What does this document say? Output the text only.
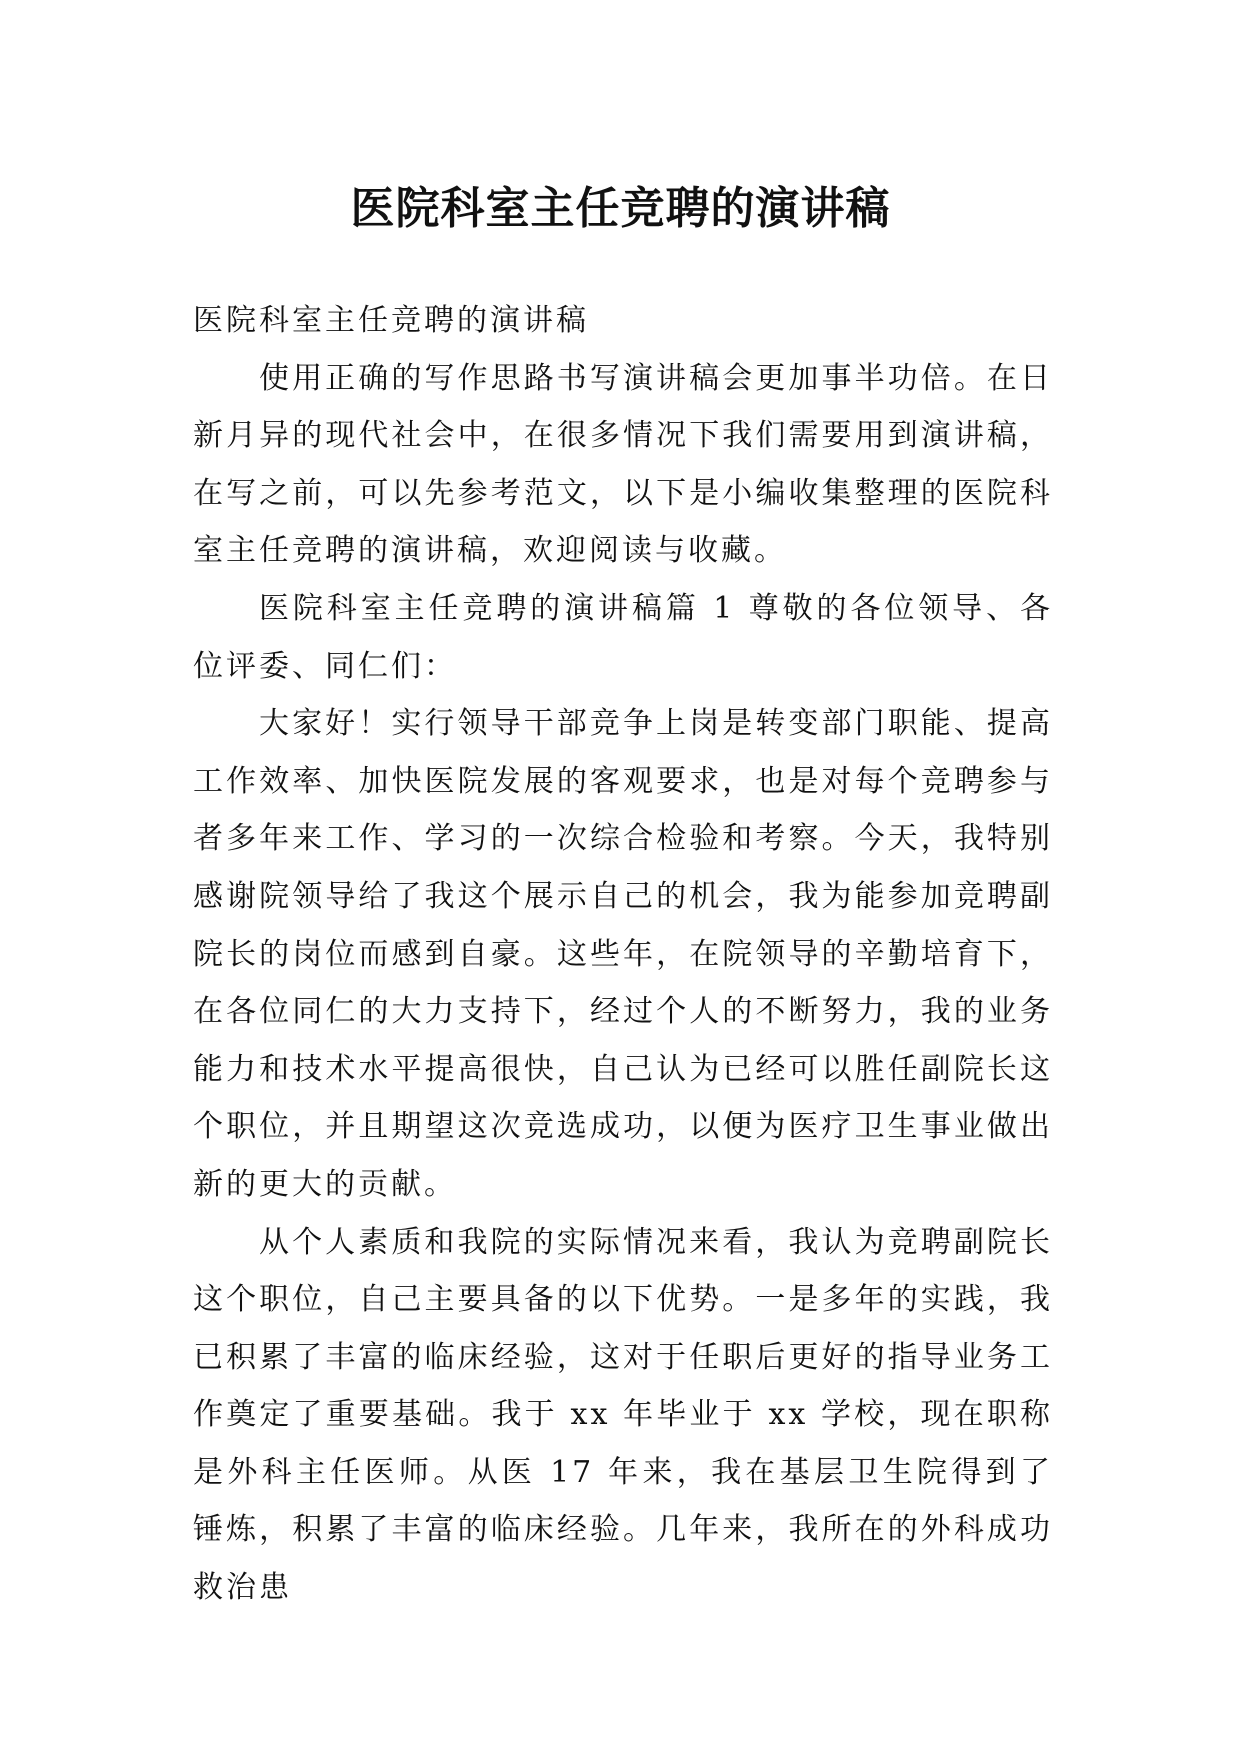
医院科室主任竞聘的演讲稿

医院科室主任竞聘的演讲稿

使用正确的写作思路书写演讲稿会更加事半功倍。在日新月异的现代社会中，在很多情况下我们需要用到演讲稿，在写之前，可以先参考范文，以下是小编收集整理的医院科室主任竞聘的演讲稿，欢迎阅读与收藏。

医院科室主任竞聘的演讲稿篇 1 尊敬的各位领导、各位评委、同仁们：

大家好！实行领导干部竞争上岗是转变部门职能、提高工作效率、加快医院发展的客观要求，也是对每个竞聘参与者多年来工作、学习的一次综合检验和考察。今天，我特别感谢院领导给了我这个展示自己的机会，我为能参加竞聘副院长的岗位而感到自豪。这些年，在院领导的辛勤培育下，在各位同仁的大力支持下，经过个人的不断努力，我的业务能力和技术水平提高很快，自己认为已经可以胜任副院长这个职位，并且期望这次竞选成功，以便为医疗卫生事业做出新的更大的贡献。

从个人素质和我院的实际情况来看，我认为竞聘副院长这个职位，自己主要具备的以下优势。一是多年的实践，我已积累了丰富的临床经验，这对于任职后更好的指导业务工作奠定了重要基础。我于 xx 年毕业于 xx 学校，现在职称是外科主任医师。从医 17 年来，我在基层卫生院得到了锤炼，积累了丰富的临床经验。几年来，我所在的外科成功救治患
